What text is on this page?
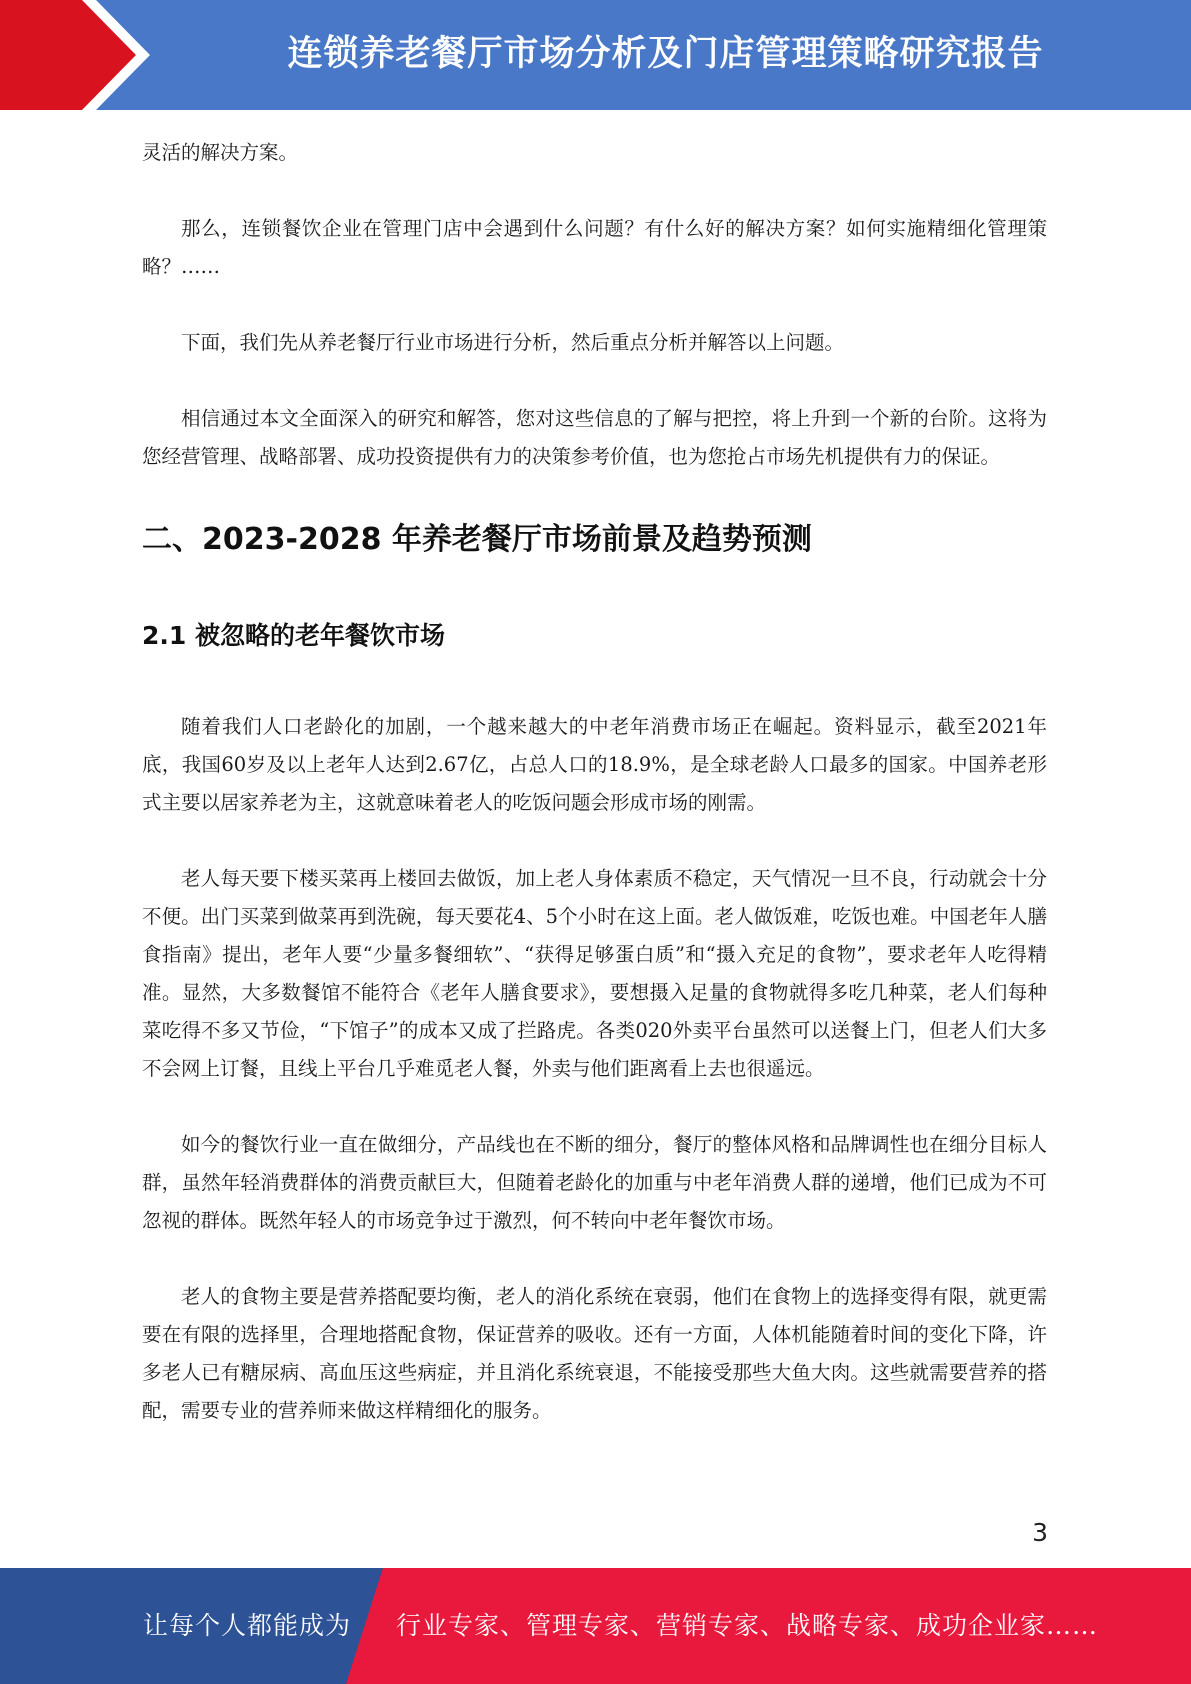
连锁养老餐厅市场分析及门店管理策略研究报告

灵活的解决方案。

那么，连锁餐饮企业在管理门店中会遇到什么问题？有什么好的解决方案？如何实施精细化管理策略？……

下面，我们先从养老餐厅行业市场进行分析，然后重点分析并解答以上问题。

相信通过本文全面深入的研究和解答，您对这些信息的了解与把控，将上升到一个新的台阶。这将为您经营管理、战略部署、成功投资提供有力的决策参考价值，也为您抢占市场先机提供有力的保证。

二、2023-2028 年养老餐厅市场前景及趋势预测
2.1 被忽略的老年餐饮市场

随着我们人口老龄化的加剧，一个越来越大的中老年消费市场正在崛起。资料显示，截至2021年底，我国60岁及以上老年人达到2.67亿，占总人口的18.9%，是全球老龄人口最多的国家。中国养老形式主要以居家养老为主，这就意味着老人的吃饭问题会形成市场的刚需。

老人每天要下楼买菜再上楼回去做饭，加上老人身体素质不稳定，天气情况一旦不良，行动就会十分不便。出门买菜到做菜再到洗碗，每天要花4、5个小时在这上面。老人做饭难，吃饭也难。中国老年人膳食指南》提出，老年人要“少量多餐细软”、“获得足够蛋白质”和“摄入充足的食物”，要求老年人吃得精准。显然，大多数餐馆不能符合《老年人膳食要求》，要想摄入足量的食物就得多吃几种菜，老人们每种菜吃得不多又节俭，“下馆子”的成本又成了拦路虎。各类020外卖平台虽然可以送餐上门，但老人们大多不会网上订餐，且线上平台几乎难觅老人餐，外卖与他们距离看上去也很遥远。

如今的餐饮行业一直在做细分，产品线也在不断的细分，餐厅的整体风格和品牌调性也在细分目标人群，虽然年轻消费群体的消费贡献巨大，但随着老龄化的加重与中老年消费人群的递增，他们已成为不可忽视的群体。既然年轻人的市场竞争过于激烈，何不转向中老年餐饮市场。

老人的食物主要是营养搭配要均衡，老人的消化系统在衰弱，他们在食物上的选择变得有限，就更需要在有限的选择里，合理地搭配食物，保证营养的吸收。还有一方面，人体机能随着时间的变化下降，许多老人已有糖尿病、高血压这些病症，并且消化系统衰退，不能接受那些大鱼大肉。这些就需要营养的搭配，需要专业的营养师来做这样精细化的服务。

3
让每个人都能成为 行业专家、管理专家、营销专家、战略专家、成功企业家……
